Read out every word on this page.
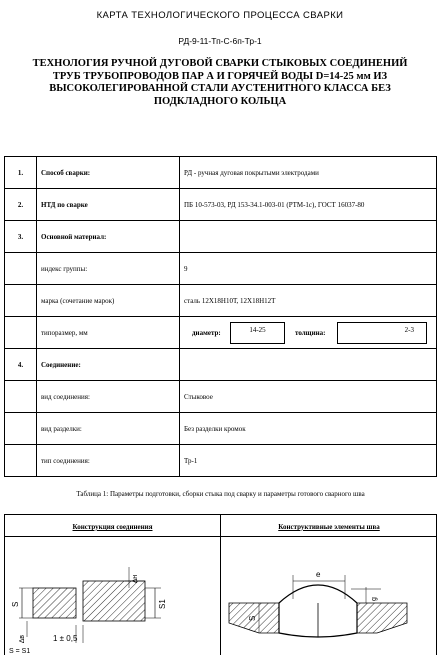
КАРТА ТЕХНОЛОГИЧЕСКОГО ПРОЦЕССА СВАРКИ
РД-9-11-Тп-С-6п-Тр-1
ТЕХНОЛОГИЯ РУЧНОЙ ДУГОВОЙ СВАРКИ СТЫКОВЫХ СОЕДИНЕНИЙ ТРУБ ТРУБОПРОВОДОВ ПАР А И ГОРЯЧЕЙ ВОДЫ D=14-25 мм ИЗ ВЫСОКОЛЕГИРОВАННОЙ СТАЛИ АУСТЕНИТНОГО КЛАССА БЕЗ ПОДКЛАДНОГО КОЛЬЦА
1.	Способ сварки:	РД - ручная дуговая покрытыми электродами
2.	НТД по сварке	ПБ 10-573-03, РД 153-34.1-003-01 (РТМ-1с), ГОСТ 16037-80
3.	Основной материал:	
	индекс группы:	9
	марка (сочетание марок)	сталь 12Х18Н10Т, 12Х18Н12Т
	типоразмер, мм	диаметр: 14-25 толщина: 2-3

4.	Соединение:	
	вид соединения:	Стыковое
	вид разделки:	Без разделки кромок
	тип соединения:	Тр-1
Таблица 1: Параметры подготовки, сборки стыка под сварку и параметры готового сварного шва
Конструкция соединения
S	S1
∆н
∆в	1 ± 0,5
S = S1
Конструктивные элементы шва
e
g
S
